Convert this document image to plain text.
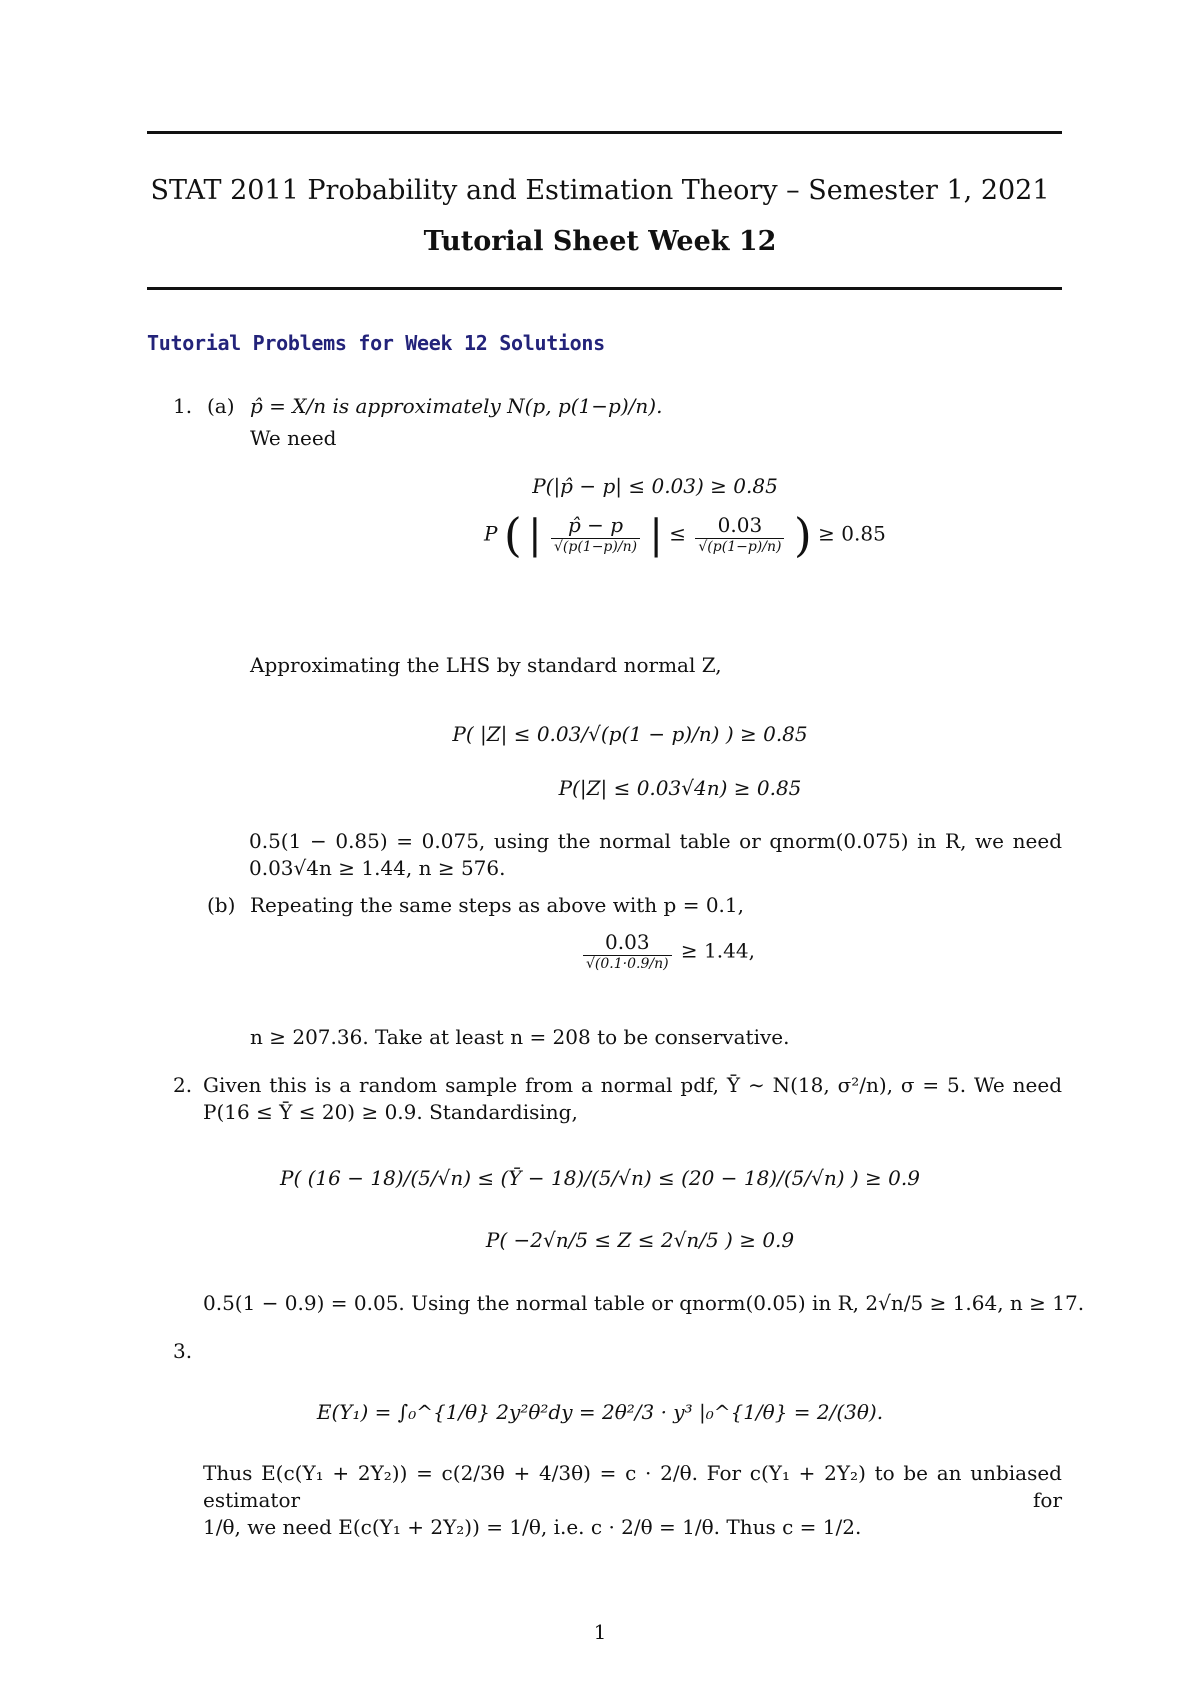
STAT 2011 Probability and Estimation Theory – Semester 1, 2021
Tutorial Sheet Week 12
Tutorial Problems for Week 12 Solutions
1. (a) p̂ = X/n is approximately N(p, p(1−p)/n).
We need
P(|p̂ − p| ≤ 0.03) ≥ 0.85
P ( | $\frac{p̂ - p}{√(p(1-p)/n)}$ | ≤ $\frac{0.03}{√(p(1-p)/n)}$ ) ≥ 0.85
Approximating the LHS by standard normal Z,
P( |Z| ≤ 0.03/√(p(1 − p)/n) ) ≥ 0.85
P(|Z| ≤ 0.03√4n) ≥ 0.85
0.5(1 − 0.85) = 0.075, using the normal table or qnorm(0.075) in R, we need
0.03√4n ≥ 1.44, n ≥ 576.
(b) Repeating the same steps as above with p = 0.1,
$\frac{0.03}{√(0.1\cdot 0.9/n)} \ge 1.44$,
n ≥ 207.36. Take at least n = 208 to be conservative.
2. Given this is a random sample from a normal pdf, Ȳ ∼ N(18, σ²/n), σ = 5. We need
P(16 ≤ Ȳ ≤ 20) ≥ 0.9. Standardising,
P( (16 − 18)/(5/√n) ≤ (Ȳ − 18)/(5/√n) ≤ (20 − 18)/(5/√n) ) ≥ 0.9
P( −2√n/5 ≤ Z ≤ 2√n/5 ) ≥ 0.9
0.5(1 − 0.9) = 0.05. Using the normal table or qnorm(0.05) in R, 2√n/5 ≥ 1.64, n ≥ 17.
3.
E(Y₁) = ∫₀^{1/θ} 2y²θ²dy = 2θ²/3 · y³ |₀^{1/θ} = 2/(3θ).
Thus E(c(Y₁ + 2Y₂)) = c(2/3θ + 4/3θ) = c · 2/θ. For c(Y₁ + 2Y₂) to be an unbiased estimator for
1/θ, we need E(c(Y₁ + 2Y₂)) = 1/θ, i.e. c · 2/θ = 1/θ. Thus c = 1/2.
1
